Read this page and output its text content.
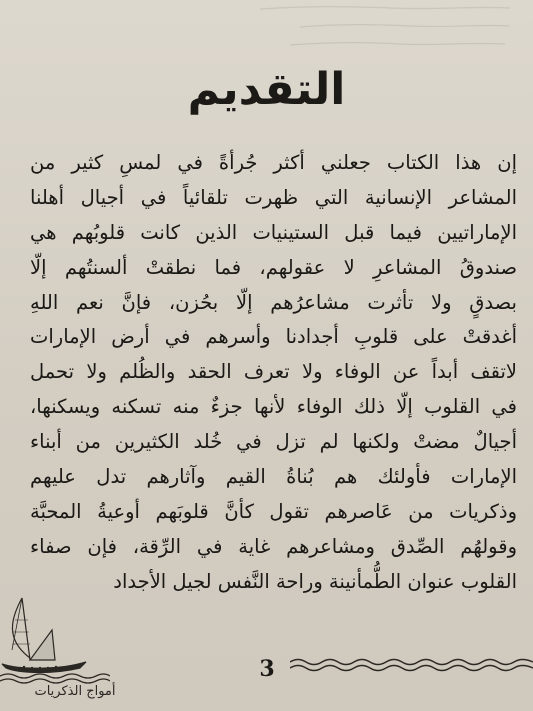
التقديم
إن هذا الكتاب جعلني أكثر جُرأةً في لمسِ كثير من
المشاعر الإنسانية التي ظهرت تلقائياً في أجيال أهلنا
الإماراتيين فيما قبل الستينيات الذين كانت قلوبُهم هي
صندوقُ المشاعرِ لا عقولهم، فما نطقتْ ألسنتُهم إلّا
بصدقٍ ولا تأثرت مشاعرُهم إلّا بحُزن، فإنَّ نعم اللهِ
أغدقتْ على قلوبِ أجدادنا وأسرهم في أرض الإمارات
لاتقف أبداً عن الوفاء ولا تعرف الحقد والظُلم ولا تحمل
في القلوب إلّا ذلك الوفاء لأنها جزءٌ منه تسكنه ويسكنها،
أجيالٌ مضتْ ولكنها لم تزل في خُلد الكثيرين من أبناء
الإمارات فأولئك هم بُناةُ القيم وآثارهم تدل عليهم
وذكريات من عَاصرهم تقول كأنَّ قلوبَهم أوعيةُ المحبَّة
وقولهُم الصِّدق ومشاعرهم غاية في الرِّقة، فإن صفاء
القلوب عنوان الطُّمأنينة وراحة النَّفس لجيل الأجداد
3
أمواج الذكريات
